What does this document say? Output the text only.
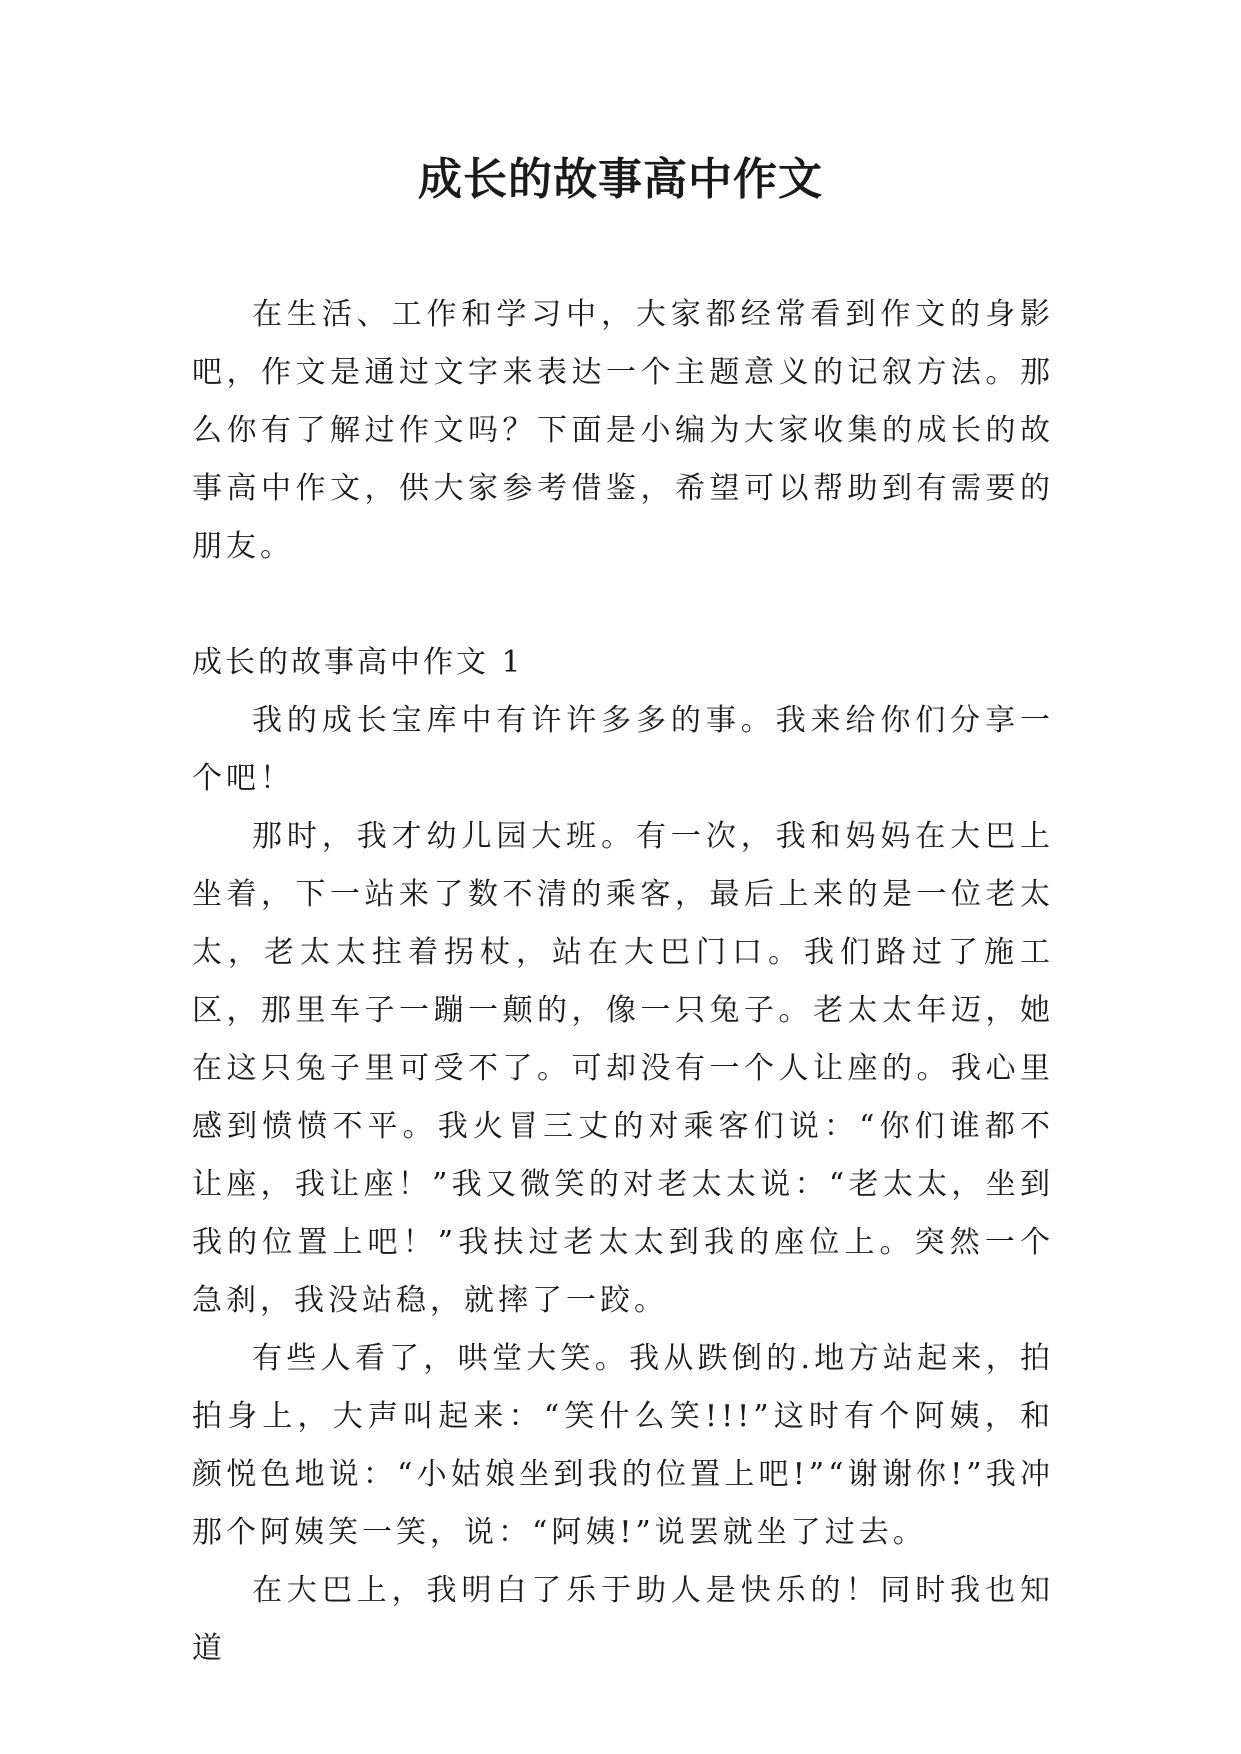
成长的故事高中作文

在生活、工作和学习中，大家都经常看到作文的身影吧，作文是通过文字来表达一个主题意义的记叙方法。那么你有了解过作文吗？下面是小编为大家收集的成长的故事高中作文，供大家参考借鉴，希望可以帮助到有需要的朋友。

成长的故事高中作文 1

我的成长宝库中有许许多多的事。我来给你们分享一个吧！

那时，我才幼儿园大班。有一次，我和妈妈在大巴上坐着，下一站来了数不清的乘客，最后上来的是一位老太太，老太太拄着拐杖，站在大巴门口。我们路过了施工区，那里车子一蹦一颠的，像一只兔子。老太太年迈，她在这只兔子里可受不了。可却没有一个人让座的。我心里感到愤愤不平。我火冒三丈的对乘客们说：“你们谁都不让座，我让座！”我又微笑的对老太太说：“老太太，坐到我的位置上吧！”我扶过老太太到我的座位上。突然一个急刹，我没站稳，就摔了一跤。

有些人看了，哄堂大笑。我从跌倒的.地方站起来，拍拍身上，大声叫起来：“笑什么笑!!!”这时有个阿姨，和颜悦色地说：“小姑娘坐到我的位置上吧!”“谢谢你!”我冲那个阿姨笑一笑，说：“阿姨!”说罢就坐了过去。

在大巴上，我明白了乐于助人是快乐的！同时我也知道
